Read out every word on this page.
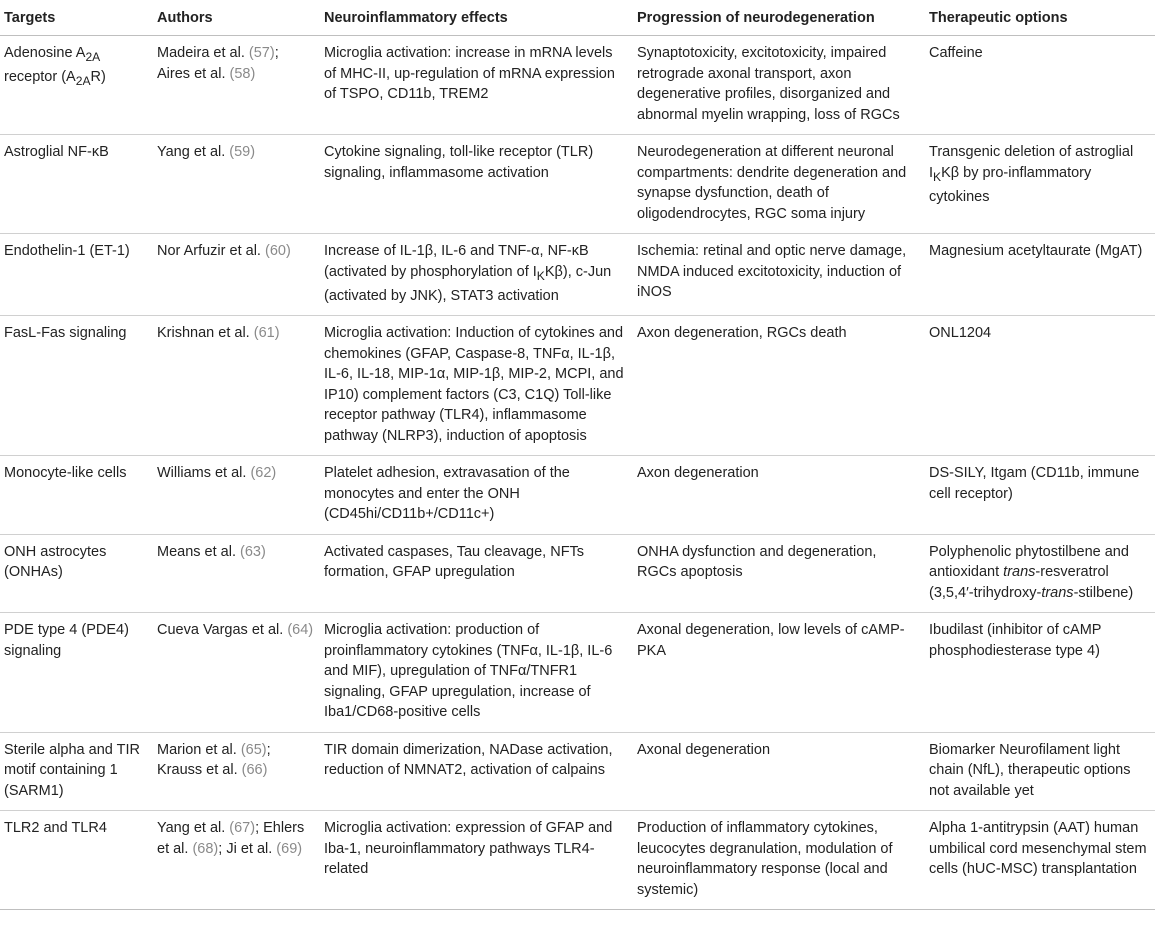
Targets	Authors	Neuroinflammatory effects	Progression of neurodegeneration	Therapeutic options
Adenosine $A_{2A}$ receptor $(A_{2A}R)$	Madeira et al. (57); Aires et al. (58)	Microglia activation: increase in mRNA levels of MHC-II, up-regulation of mRNA expression of TSPO, CD11b, TREM2	Synaptotoxicity, excitotoxicity, impaired retrograde axonal transport, axon degenerative profiles, disorganized and abnormal myelin wrapping, loss of RGCs	Caffeine
Astroglial NF-κB	Yang et al. (59)	Cytokine signaling, toll-like receptor (TLR) signaling, inflammasome activation	Neurodegeneration at different neuronal compartments: dendrite degeneration and synapse dysfunction, death of oligodendrocytes, RGC soma injury	Transgenic deletion of astroglial $I_KK\beta$ by pro-inflammatory cytokines
Endothelin-1 (ET-1)	Nor Arfuzir et al. (60)	Increase of IL-1β, IL-6 and TNF-α, NF-κB (activated by phosphorylation of $I_KK\beta$), c-Jun (activated by JNK), STAT3 activation	Ischemia: retinal and optic nerve damage, NMDA induced excitotoxicity, induction of iNOS	Magnesium acetyltaurate (MgAT)
FasL-Fas signaling	Krishnan et al. (61)	Microglia activation: Induction of cytokines and chemokines (GFAP, Caspase-8, TNFα, IL-1β, IL-6, IL-18, MIP-1α, MIP-1β, MIP-2, MCPI, and IP10) complement factors (C3, C1Q) Toll-like receptor pathway (TLR4), inflammasome pathway (NLRP3), induction of apoptosis	Axon degeneration, RGCs death	ONL1204
Monocyte-like cells	Williams et al. (62)	Platelet adhesion, extravasation of the monocytes and enter the ONH (CD45hi/CD11b+/CD11c+)	Axon degeneration	DS-SILY, Itgam (CD11b, immune cell receptor)
ONH astrocytes (ONHAs)	Means et al. (63)	Activated caspases, Tau cleavage, NFTs formation, GFAP upregulation	ONHA dysfunction and degeneration, RGCs apoptosis	Polyphenolic phytostilbene and antioxidant trans-resveratrol (3,5,4′-trihydroxy-trans-stilbene)
PDE type 4 (PDE4) signaling	Cueva Vargas et al. (64)	Microglia activation: production of proinflammatory cytokines (TNFα, IL-1β, IL-6 and MIF), upregulation of TNFα/TNFR1 signaling, GFAP upregulation, increase of Iba1/CD68-positive cells	Axonal degeneration, low levels of cAMP-PKA	Ibudilast (inhibitor of cAMP phosphodiesterase type 4)
Sterile alpha and TIR motif containing 1 (SARM1)	Marion et al. (65); Krauss et al. (66)	TIR domain dimerization, NADase activation, reduction of NMNAT2, activation of calpains	Axonal degeneration	Biomarker Neurofilament light chain (NfL), therapeutic options not available yet
TLR2 and TLR4	Yang et al. (67); Ehlers et al. (68); Ji et al. (69)	Microglia activation: expression of GFAP and Iba-1, neuroinflammatory pathways TLR4-related	Production of inflammatory cytokines, leucocytes degranulation, modulation of neuroinflammatory response (local and systemic)	Alpha 1-antitrypsin (AAT) human umbilical cord mesenchymal stem cells (hUC-MSC) transplantation
